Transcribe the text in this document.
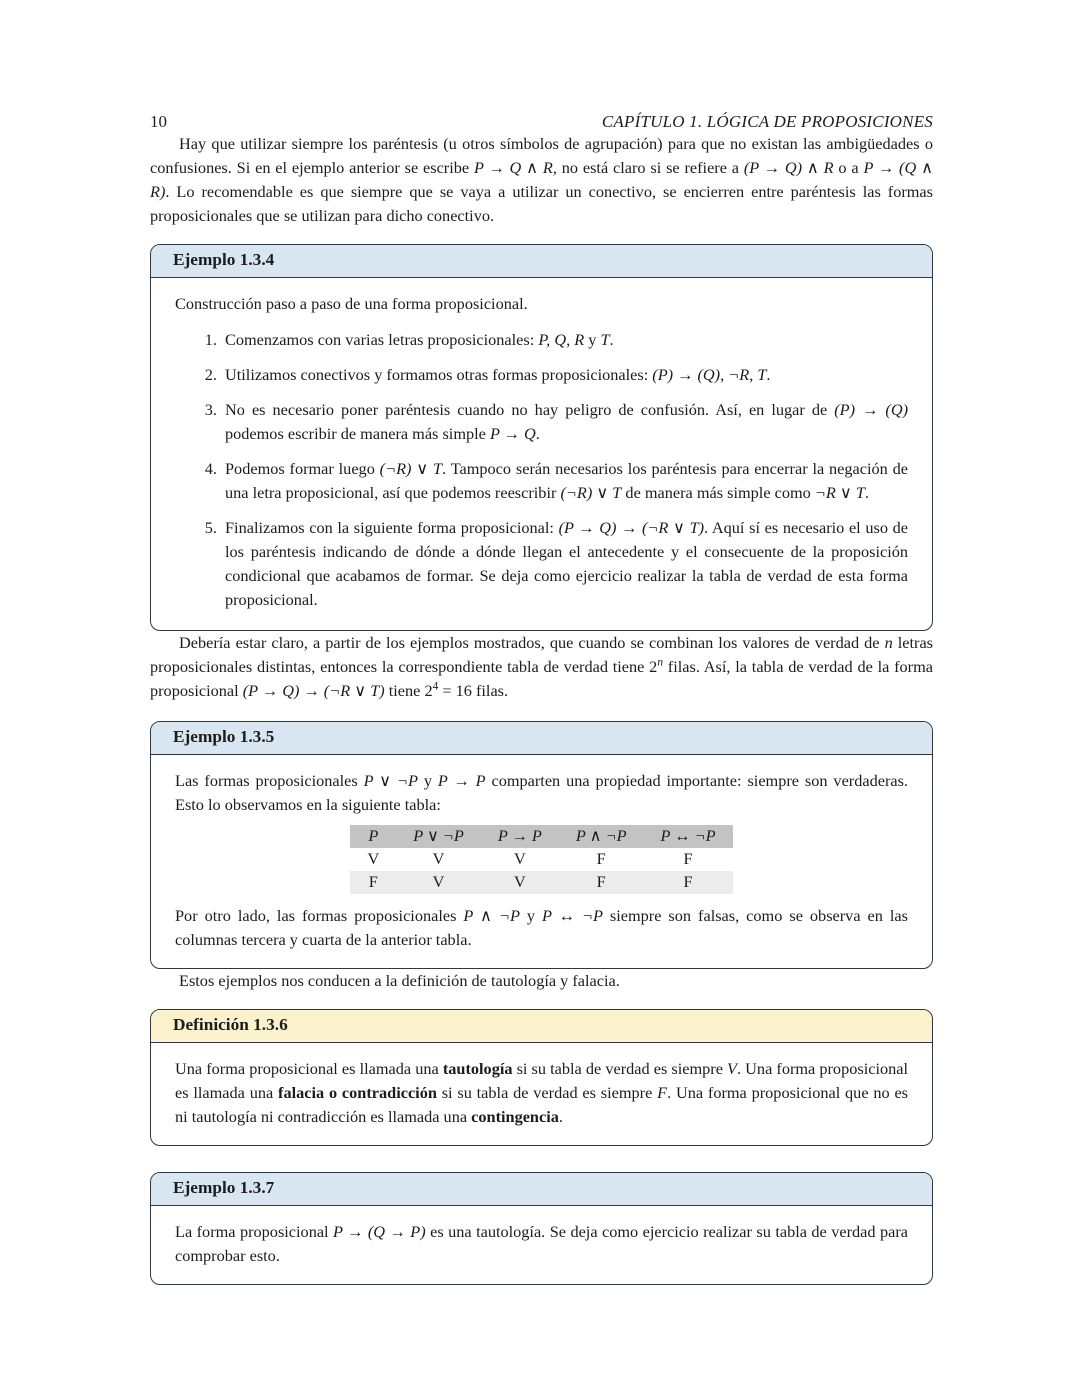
10	CAPÍTULO 1. LÓGICA DE PROPOSICIONES

Hay que utilizar siempre los paréntesis (u otros símbolos de agrupación) para que no existan las ambigüedades o confusiones. Si en el ejemplo anterior se escribe P → Q ∧ R, no está claro si se refiere a (P → Q) ∧ R o a P → (Q ∧ R). Lo recomendable es que siempre que se vaya a utilizar un conectivo, se encierren entre paréntesis las formas proposicionales que se utilizan para dicho conectivo.

Ejemplo 1.3.4

Construcción paso a paso de una forma proposicional.

1. Comenzamos con varias letras proposicionales: P, Q, R y T.
2. Utilizamos conectivos y formamos otras formas proposicionales: (P) → (Q), ¬R, T.
3. No es necesario poner paréntesis cuando no hay peligro de confusión. Así, en lugar de (P) → (Q) podemos escribir de manera más simple P → Q.
4. Podemos formar luego (¬R) ∨ T. Tampoco serán necesarios los paréntesis para encerrar la negación de una letra proposicional, así que podemos reescribir (¬R) ∨ T de manera más simple como ¬R ∨ T.
5. Finalizamos con la siguiente forma proposicional: (P → Q) → (¬R ∨ T). Aquí sí es necesario el uso de los paréntesis indicando de dónde a dónde llegan el antecedente y el consecuente de la proposición condicional que acabamos de formar. Se deja como ejercicio realizar la tabla de verdad de esta forma proposicional.

Debería estar claro, a partir de los ejemplos mostrados, que cuando se combinan los valores de verdad de n letras proposicionales distintas, entonces la correspondiente tabla de verdad tiene 2$^n$ filas. Así, la tabla de verdad de la forma proposicional (P → Q) → (¬R ∨ T) tiene $2^4 = 16$ filas.

Ejemplo 1.3.5

Las formas proposicionales P ∨ ¬P y P → P comparten una propiedad importante: siempre son verdaderas. Esto lo observamos en la siguiente tabla:

P	P ∨ ¬P	P → P	P ∧ ¬P	P ↔ ¬P
V	V	V	F	F
F	V	V	F	F

Por otro lado, las formas proposicionales P ∧ ¬P y P ↔ ¬P siempre son falsas, como se observa en las columnas tercera y cuarta de la anterior tabla.

Estos ejemplos nos conducen a la definición de tautología y falacia.

Definición 1.3.6

Una forma proposicional es llamada una tautología si su tabla de verdad es siempre V. Una forma proposicional es llamada una falacia o contradicción si su tabla de verdad es siempre F. Una forma proposicional que no es ni tautología ni contradicción es llamada una contingencia.

Ejemplo 1.3.7

La forma proposicional P → (Q → P) es una tautología. Se deja como ejercicio realizar su tabla de verdad para comprobar esto.
